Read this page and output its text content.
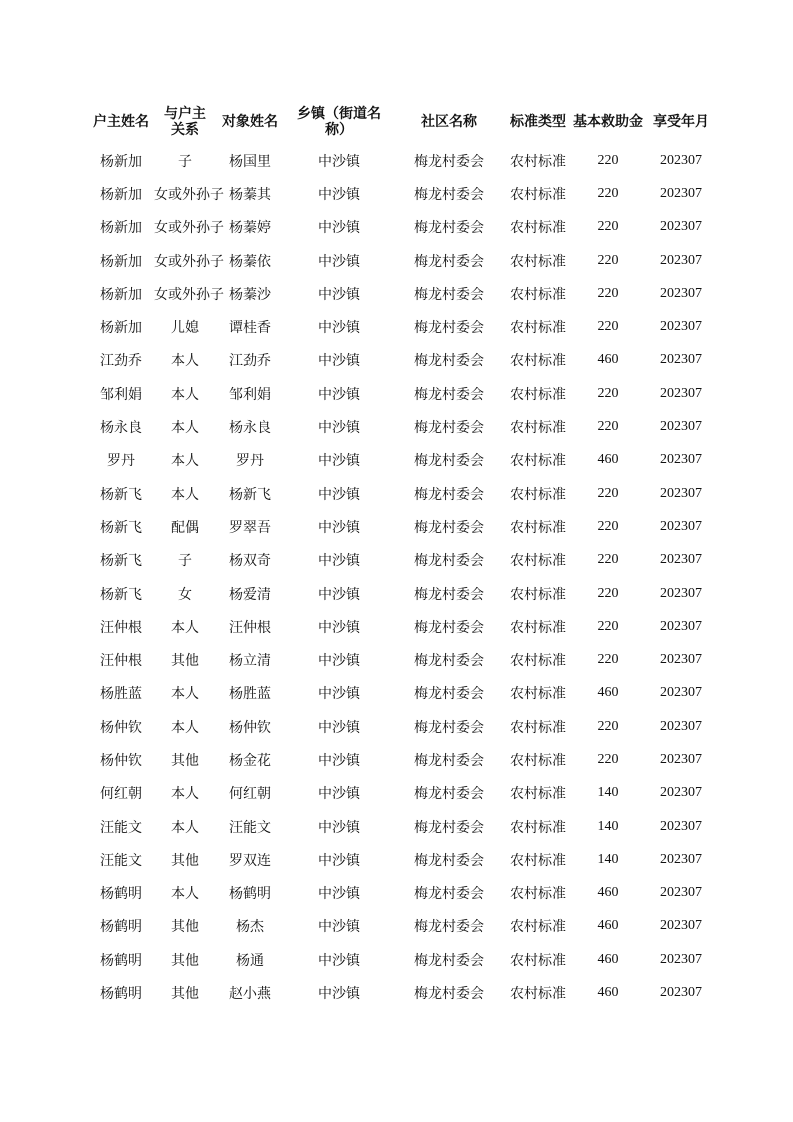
户主姓名	与户主关系	对象姓名	乡镇（街道名称）	社区名称	标准类型	基本救助金	享受年月
杨新加	子	杨国里	中沙镇	梅龙村委会	农村标准	220	202307
杨新加	女或外孙子	杨蓁其	中沙镇	梅龙村委会	农村标准	220	202307
杨新加	女或外孙子	杨蓁婷	中沙镇	梅龙村委会	农村标准	220	202307
杨新加	女或外孙子	杨蓁依	中沙镇	梅龙村委会	农村标准	220	202307
杨新加	女或外孙子	杨蓁沙	中沙镇	梅龙村委会	农村标准	220	202307
杨新加	儿媳	谭桂香	中沙镇	梅龙村委会	农村标准	220	202307
江劲乔	本人	江劲乔	中沙镇	梅龙村委会	农村标准	460	202307
邹利娟	本人	邹利娟	中沙镇	梅龙村委会	农村标准	220	202307
杨永良	本人	杨永良	中沙镇	梅龙村委会	农村标准	220	202307
罗丹	本人	罗丹	中沙镇	梅龙村委会	农村标准	460	202307
杨新飞	本人	杨新飞	中沙镇	梅龙村委会	农村标准	220	202307
杨新飞	配偶	罗翠吾	中沙镇	梅龙村委会	农村标准	220	202307
杨新飞	子	杨双奇	中沙镇	梅龙村委会	农村标准	220	202307
杨新飞	女	杨爱清	中沙镇	梅龙村委会	农村标准	220	202307
汪仲根	本人	汪仲根	中沙镇	梅龙村委会	农村标准	220	202307
汪仲根	其他	杨立清	中沙镇	梅龙村委会	农村标准	220	202307
杨胜蓝	本人	杨胜蓝	中沙镇	梅龙村委会	农村标准	460	202307
杨仲钦	本人	杨仲钦	中沙镇	梅龙村委会	农村标准	220	202307
杨仲钦	其他	杨金花	中沙镇	梅龙村委会	农村标准	220	202307
何红朝	本人	何红朝	中沙镇	梅龙村委会	农村标准	140	202307
汪能文	本人	汪能文	中沙镇	梅龙村委会	农村标准	140	202307
汪能文	其他	罗双连	中沙镇	梅龙村委会	农村标准	140	202307
杨鹤明	本人	杨鹤明	中沙镇	梅龙村委会	农村标准	460	202307
杨鹤明	其他	杨杰	中沙镇	梅龙村委会	农村标准	460	202307
杨鹤明	其他	杨通	中沙镇	梅龙村委会	农村标准	460	202307
杨鹤明	其他	赵小燕	中沙镇	梅龙村委会	农村标准	460	202307
